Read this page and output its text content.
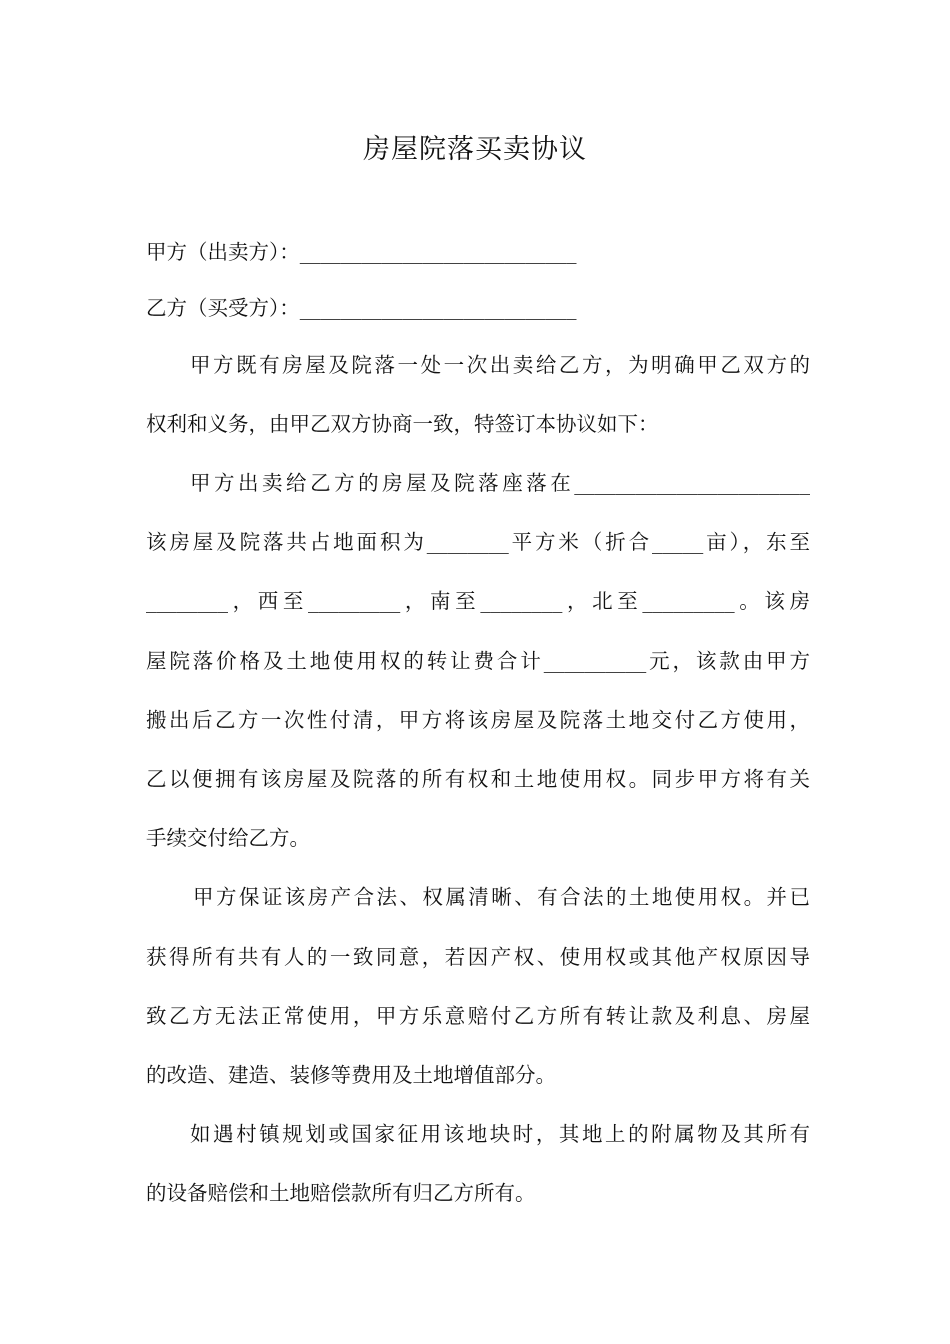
房屋院落买卖协议
甲方（出卖方）：___________________________
乙方（买受方）：___________________________
甲方既有房屋及院落一处一次出卖给乙方，为明确甲乙双方的
权利和义务，由甲乙双方协商一致，特签订本协议如下：
甲方出卖给乙方的房屋及院落座落在_______________________
该房屋及院落共占地面积为________平方米（折合_____亩），东至
________，西至_________，南至________，北至_________。该房
屋院落价格及土地使用权的转让费合计__________元，该款由甲方
搬出后乙方一次性付清，甲方将该房屋及院落土地交付乙方使用，
乙以便拥有该房屋及院落的所有权和土地使用权。同步甲方将有关
手续交付给乙方。
甲方保证该房产合法、权属清晰、有合法的土地使用权。并已
获得所有共有人的一致同意，若因产权、使用权或其他产权原因导
致乙方无法正常使用，甲方乐意赔付乙方所有转让款及利息、房屋
的改造、建造、装修等费用及土地增值部分。
如遇村镇规划或国家征用该地块时，其地上的附属物及其所有
的设备赔偿和土地赔偿款所有归乙方所有。
